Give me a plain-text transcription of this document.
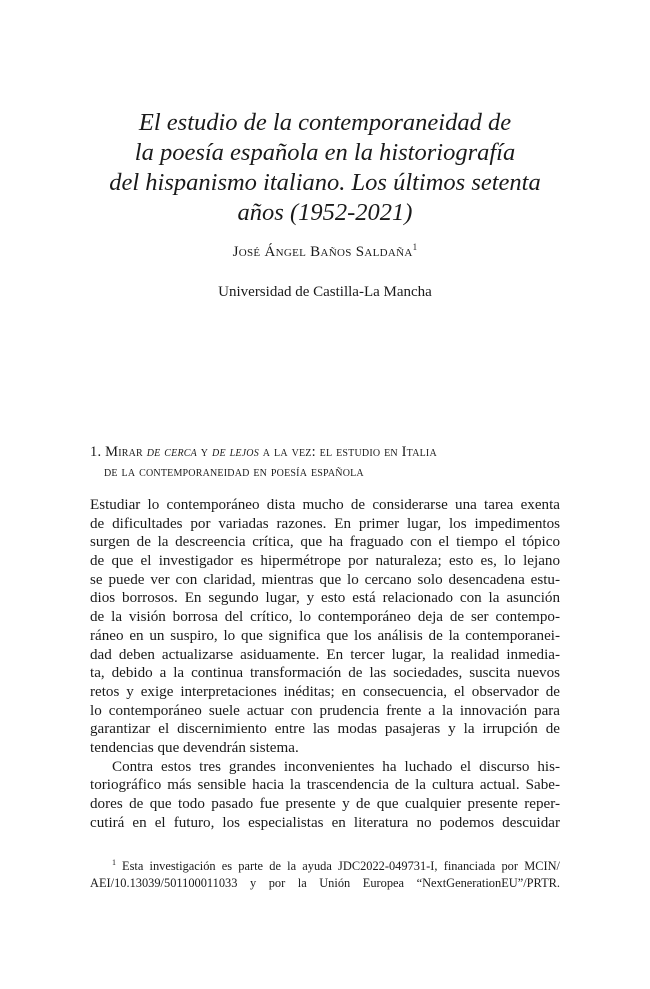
El estudio de la contemporaneidad de
la poesía española en la historiografía
del hispanismo italiano. Los últimos setenta
años (1952-2021)
José Ángel Baños Saldaña$^1$
Universidad de Castilla-La Mancha
1. Mirar de cerca y de lejos a la vez: el estudio en Italia
de la contemporaneidad en poesía española
Estudiar lo contemporáneo dista mucho de considerarse una tarea exenta
de dificultades por variadas razones. En primer lugar, los impedimentos
surgen de la descreencia crítica, que ha fraguado con el tiempo el tópico
de que el investigador es hipermétrope por naturaleza; esto es, lo lejano
se puede ver con claridad, mientras que lo cercano solo desencadena estu-
dios borrosos. En segundo lugar, y esto está relacionado con la asunción
de la visión borrosa del crítico, lo contemporáneo deja de ser contempo-
ráneo en un suspiro, lo que significa que los análisis de la contemporanei-
dad deben actualizarse asiduamente. En tercer lugar, la realidad inmedia-
ta, debido a la continua transformación de las sociedades, suscita nuevos
retos y exige interpretaciones inéditas; en consecuencia, el observador de
lo contemporáneo suele actuar con prudencia frente a la innovación para
garantizar el discernimiento entre las modas pasajeras y la irrupción de
tendencias que devendrán sistema.
Contra estos tres grandes inconvenientes ha luchado el discurso his-
toriográfico más sensible hacia la trascendencia de la cultura actual. Sabe-
dores de que todo pasado fue presente y de que cualquier presente reper-
cutirá en el futuro, los especialistas en literatura no podemos descuidar
$^1$ Esta investigación es parte de la ayuda JDC2022-049731-I, financiada por MCIN/
AEI/10.13039/501100011033 y por la Unión Europea “NextGenerationEU”/PRTR.
